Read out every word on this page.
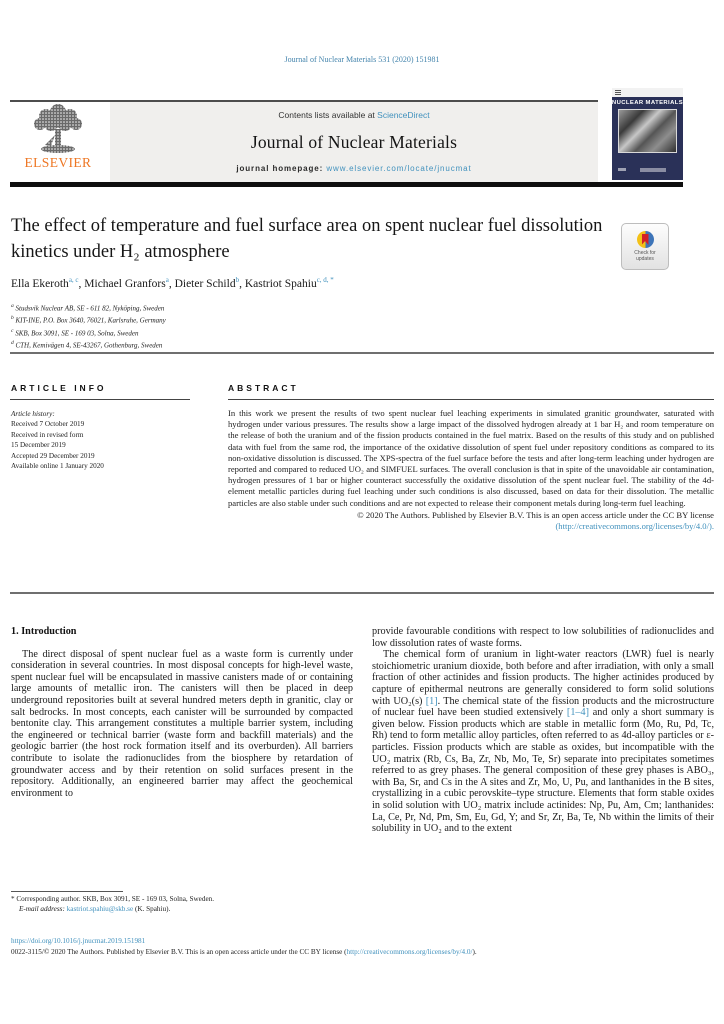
Journal of Nuclear Materials 531 (2020) 151981
ELSEVIER
Contents lists available at ScienceDirect
Journal of Nuclear Materials
journal homepage: www.elsevier.com/locate/jnucmat
NUCLEAR MATERIALS
The effect of temperature and fuel surface area on spent nuclear fuel dissolution kinetics under H₂ atmosphere	Check for updates
Ella Ekeroth$^{a, c}$, Michael Granfors$^a$, Dieter Schild$^b$, Kastriot Spahiu$^{c, d, *}$
$^a$ Studsvik Nuclear AB, SE - 611 82, Nyköping, Sweden
$^b$ KIT-INE, P.O. Box 3640, 76021, Karlsruhe, Germany
$^c$ SKB, Box 3091, SE - 169 03, Solna, Sweden
$^d$ CTH, Kemivägen 4, SE-43267, Gothenburg, Sweden
ARTICLE INFO	ABSTRACT
Article history:
Received 7 October 2019
Received in revised form
15 December 2019
Accepted 29 December 2019
Available online 1 January 2020

In this work we present the results of two spent nuclear fuel leaching experiments in simulated granitic groundwater, saturated with hydrogen under various pressures. The results show a large impact of the dissolved hydrogen already at 1 bar H₂ and room temperature on the release of both the uranium and of the fission products contained in the fuel matrix. Based on the results of this study and on published data with fuel from the same rod, the importance of the oxidative dissolution of spent fuel under repository conditions as compared to its non-oxidative dissolution is discussed. The XPS-spectra of the fuel surface before the tests and after long-term leaching under hydrogen are reported and compared to reduced UO₂ and SIMFUEL surfaces. The overall conclusion is that in spite of the unavoidable air contamination, hydrogen pressures of 1 bar or higher counteract successfully the oxidative dissolution of the spent nuclear fuel. The stability of the 4d-element metallic particles during fuel leaching under such conditions is also discussed, based on data for their dissolution. The metallic particles are also stable under such conditions and are not expected to release their component metals during long-term fuel leaching.

© 2020 The Authors. Published by Elsevier B.V. This is an open access article under the CC BY license
(http://creativecommons.org/licenses/by/4.0/).
1. Introduction

The direct disposal of spent nuclear fuel as a waste form is currently under consideration in several countries. In most disposal concepts for high-level waste, spent nuclear fuel will be encapsulated in massive canisters made of or containing large amounts of metallic iron. The canisters will then be placed in deep underground repositories built at several hundred meters depth in granitic, clay or salt bedrocks. In most concepts, each canister will be surrounded by compacted bentonite clay. This arrangement constitutes a multiple barrier system, including the engineered or technical barrier (waste form and backfill materials) and the geologic barrier (the host rock formation itself and its overburden). All barriers contribute to isolate the radionuclides from the biosphere by retardation of groundwater access and by their retention on solid surfaces present in the repository. Additionally, an engineered barrier may affect the geochemical environment to

provide favourable conditions with respect to low solubilities of radionuclides and low dissolution rates of waste forms.

The chemical form of uranium in light-water reactors (LWR) fuel is nearly stoichiometric uranium dioxide, both before and after irradiation, with only a small fraction of other actinides and fission products. The higher actinides produced by capture of epithermal neutrons are generally considered to form solid solutions with UO₂(s) [1]. The chemical state of the fission products and the microstructure of nuclear fuel have been studied extensively [1–4] and only a short summary is given below. Fission products which are stable in metallic form (Mo, Ru, Pd, Tc, Rh) tend to form metallic alloy particles, often referred to as 4d-alloy particles or ε-particles. Fission products which are stable as oxides, but incompatible with the UO₂ matrix (Rb, Cs, Ba, Zr, Nb, Mo, Te, Sr) separate into precipitates sometimes referred to as grey phases. The general composition of these grey phases is ABO₃, with Ba, Sr, and Cs in the A sites and Zr, Mo, U, Pu, and lanthanides in the B sites, crystallizing in a cubic perovskite–type structure. Elements that form stable oxides in solid solution with UO₂ matrix include actinides: Np, Pu, Am, Cm; lanthanides: La, Ce, Pr, Nd, Pm, Sm, Eu, Gd, Y; and Sr, Zr, Ba, Te, Nb within the limits of their solubility in UO₂ and to the extent

* Corresponding author. SKB, Box 3091, SE - 169 03, Solna, Sweden.
E-mail address: kastriot.spahiu@skb.se (K. Spahiu).
https://doi.org/10.1016/j.jnucmat.2019.151981
0022-3115/© 2020 The Authors. Published by Elsevier B.V. This is an open access article under the CC BY license (http://creativecommons.org/licenses/by/4.0/).
